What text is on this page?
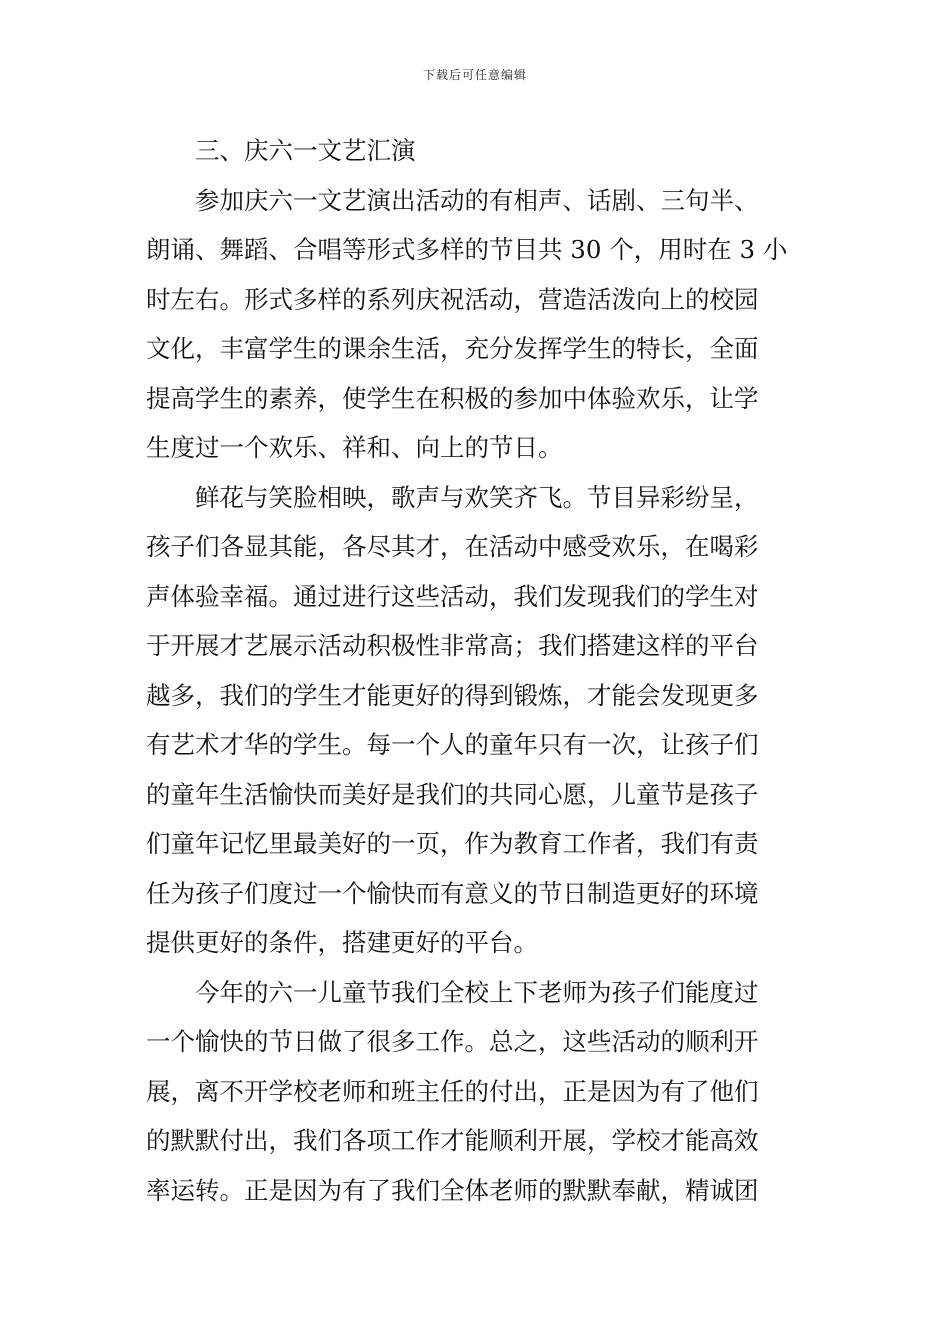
下载后可任意编辑
三、庆六一文艺汇演
参加庆六一文艺演出活动的有相声、话剧、三句半、
朗诵、舞蹈、合唱等形式多样的节目共 30 个，用时在 3 小
时左右。形式多样的系列庆祝活动，营造活泼向上的校园
文化，丰富学生的课余生活，充分发挥学生的特长，全面
提高学生的素养，使学生在积极的参加中体验欢乐，让学
生度过一个欢乐、祥和、向上的节日。
鲜花与笑脸相映，歌声与欢笑齐飞。节目异彩纷呈，
孩子们各显其能，各尽其才，在活动中感受欢乐，在喝彩
声体验幸福。通过进行这些活动，我们发现我们的学生对
于开展才艺展示活动积极性非常高；我们搭建这样的平台
越多，我们的学生才能更好的得到锻炼，才能会发现更多
有艺术才华的学生。每一个人的童年只有一次，让孩子们
的童年生活愉快而美好是我们的共同心愿，儿童节是孩子
们童年记忆里最美好的一页，作为教育工作者，我们有责
任为孩子们度过一个愉快而有意义的节日制造更好的环境
提供更好的条件，搭建更好的平台。
今年的六一儿童节我们全校上下老师为孩子们能度过
一个愉快的节日做了很多工作。总之，这些活动的顺利开
展，离不开学校老师和班主任的付出，正是因为有了他们
的默默付出，我们各项工作才能顺利开展，学校才能高效
率运转。正是因为有了我们全体老师的默默奉献，精诚团
